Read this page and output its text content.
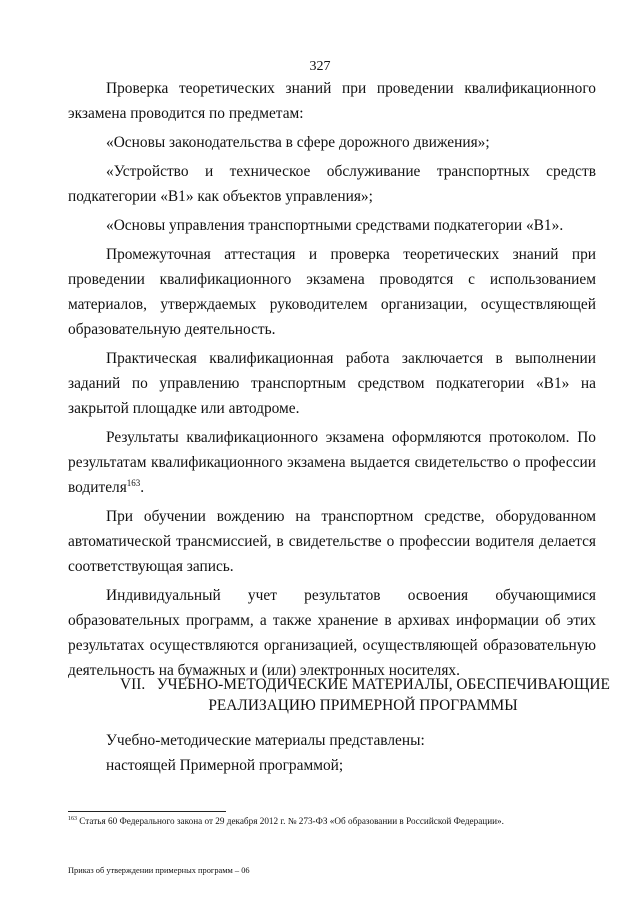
327

Проверка теоретических знаний при проведении квалификационного экзамена проводится по предметам:

«Основы законодательства в сфере дорожного движения»;

«Устройство и техническое обслуживание транспортных средств подкатегории «В1» как объектов управления»;

«Основы управления транспортными средствами подкатегории «В1».

Промежуточная аттестация и проверка теоретических знаний при проведении квалификационного экзамена проводятся с использованием материалов, утверждаемых руководителем организации, осуществляющей образовательную деятельность.

Практическая квалификационная работа заключается в выполнении заданий по управлению транспортным средством подкатегории «В1» на закрытой площадке или автодроме.

Результаты квалификационного экзамена оформляются протоколом. По результатам квалификационного экзамена выдается свидетельство о профессии водителя$^{163}$.

При обучении вождению на транспортном средстве, оборудованном автоматической трансмиссией, в свидетельстве о профессии водителя делается соответствующая запись.

Индивидуальный учет результатов освоения обучающимися образовательных программ, а также хранение в архивах информации об этих результатах осуществляются организацией, осуществляющей образовательную деятельность на бумажных и (или) электронных носителях.

VII. УЧЕБНО-МЕТОДИЧЕСКИЕ МАТЕРИАЛЫ, ОБЕСПЕЧИВАЮЩИЕ
РЕАЛИЗАЦИЮ ПРИМЕРНОЙ ПРОГРАММЫ

Учебно-методические материалы представлены:

настоящей Примерной программой;

$^{163}$ Статья 60 Федерального закона от 29 декабря 2012 г. № 273-ФЗ «Об образовании в Российской Федерации».
Приказ об утверждении примерных программ – 06
